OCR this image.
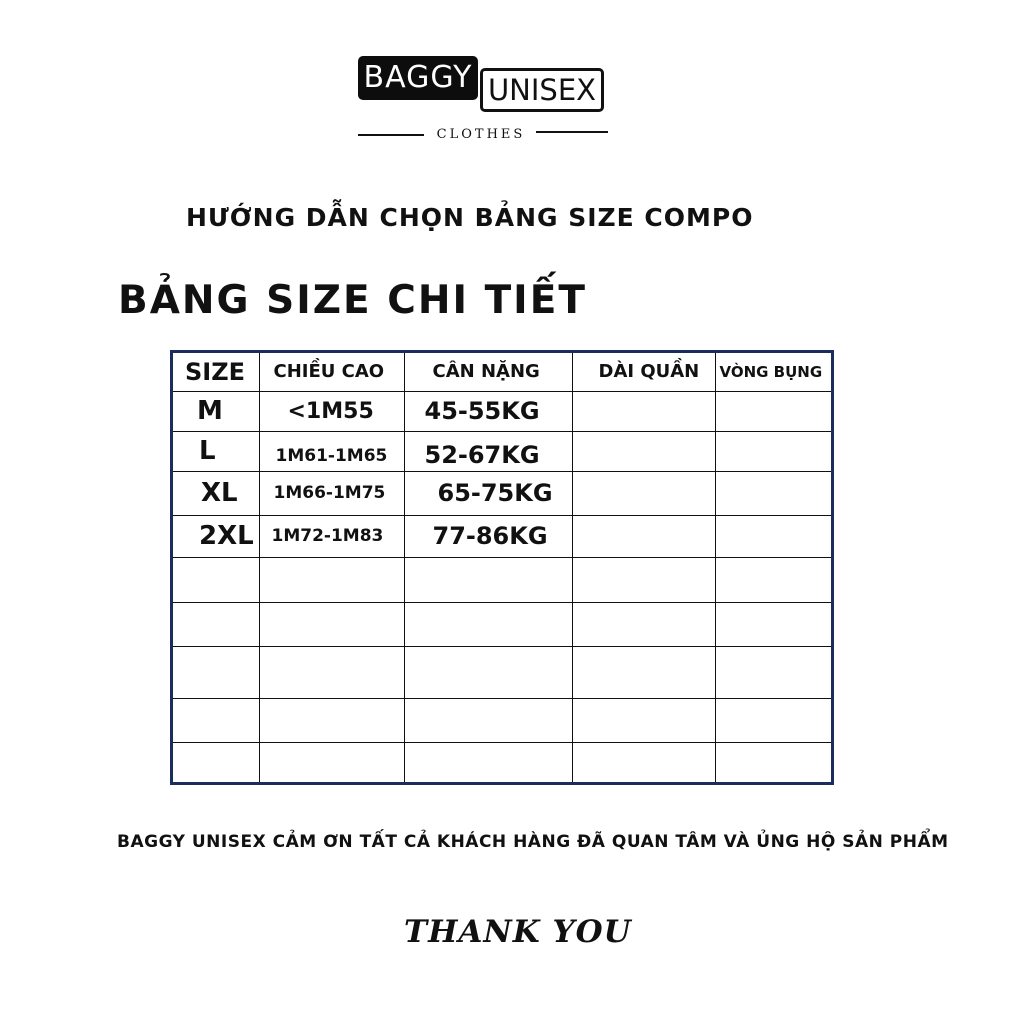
BAGGY UNISEX
CLOTHES
HƯỚNG DẪN CHỌN BẢNG SIZE COMPO
BẢNG SIZE CHI TIẾT
SIZE	CHIỀU CAO	CÂN NẶNG	DÀI QUẦN	VÒNG BỤNG
M	<1M55	45-55KG		
L	1M61-1M65	52-67KG		
XL	1M66-1M75	65-75KG		
2XL	1M72-1M83	77-86KG		

BAGGY UNISEX CẢM ƠN TẤT CẢ KHÁCH HÀNG ĐÃ QUAN TÂM VÀ ỦNG HỘ SẢN PHẨM
THANK YOU
